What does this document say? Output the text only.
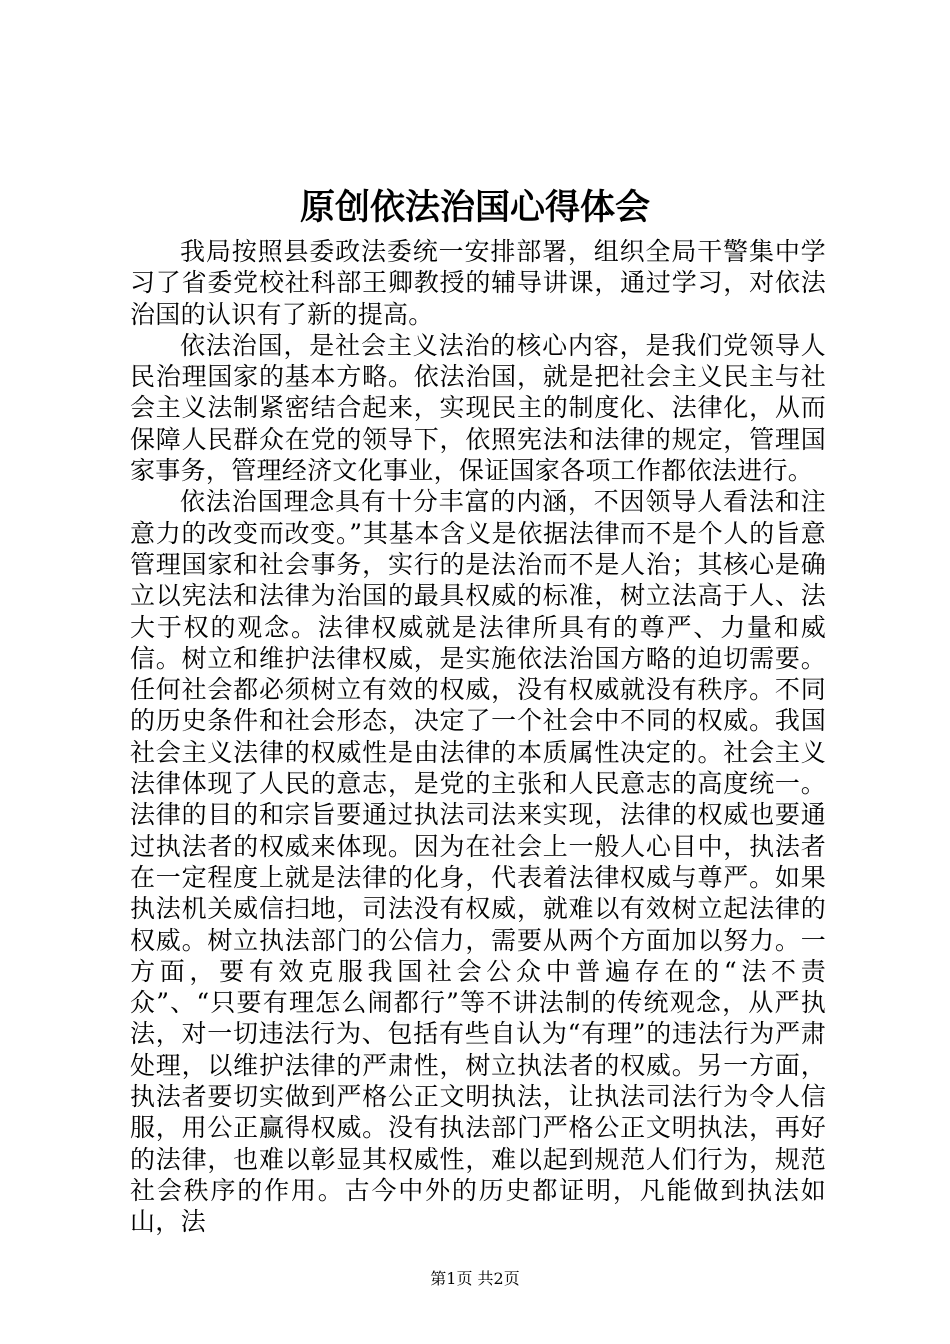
原创依法治国心得体会

我局按照县委政法委统一安排部署，组织全局干警集中学习了省委党校社科部王卿教授的辅导讲课，通过学习，对依法治国的认识有了新的提高。

依法治国，是社会主义法治的核心内容，是我们党领导人民治理国家的基本方略。依法治国，就是把社会主义民主与社会主义法制紧密结合起来，实现民主的制度化、法律化，从而保障人民群众在党的领导下，依照宪法和法律的规定，管理国家事务，管理经济文化事业，保证国家各项工作都依法进行。

依法治国理念具有十分丰富的内涵，不因领导人看法和注意力的改变而改变。”其基本含义是依据法律而不是个人的旨意管理国家和社会事务，实行的是法治而不是人治；其核心是确立以宪法和法律为治国的最具权威的标准，树立法高于人、法大于权的观念。法律权威就是法律所具有的尊严、力量和威信。树立和维护法律权威，是实施依法治国方略的迫切需要。任何社会都必须树立有效的权威，没有权威就没有秩序。不同的历史条件和社会形态，决定了一个社会中不同的权威。我国社会主义法律的权威性是由法律的本质属性决定的。社会主义法律体现了人民的意志，是党的主张和人民意志的高度统一。法律的目的和宗旨要通过执法司法来实现，法律的权威也要通过执法者的权威来体现。因为在社会上一般人心目中，执法者在一定程度上就是法律的化身，代表着法律权威与尊严。如果执法机关威信扫地，司法没有权威，就难以有效树立起法律的权威。树立执法部门的公信力，需要从两个方面加以努力。一方面，要有效克服我国社会公众中普遍存在的“法不责众”、“只要有理怎么闹都行”等不讲法制的传统观念，从严执法，对一切违法行为、包括有些自认为“有理”的违法行为严肃处理，以维护法律的严肃性，树立执法者的权威。另一方面，执法者要切实做到严格公正文明执法，让执法司法行为令人信服，用公正赢得权威。没有执法部门严格公正文明执法，再好的法律，也难以彰显其权威性，难以起到规范人们行为，规范社会秩序的作用。古今中外的历史都证明，凡能做到执法如山，法

第1页 共2页
